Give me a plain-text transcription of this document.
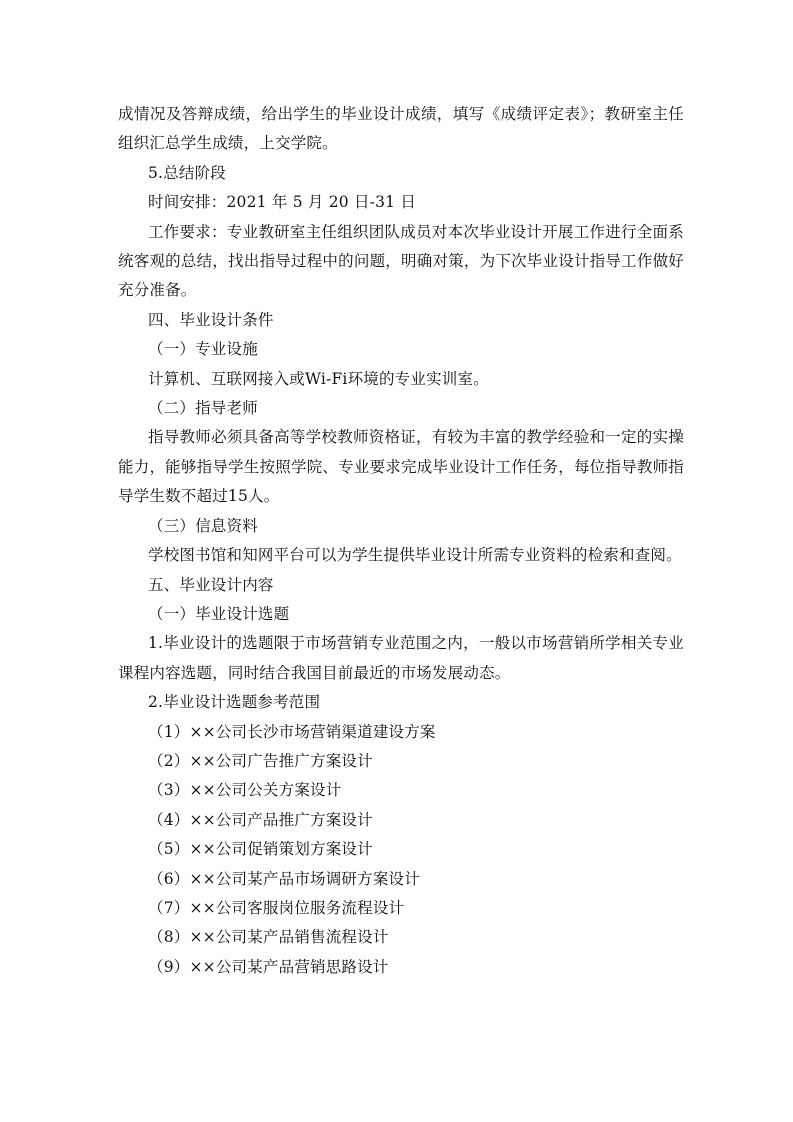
成情况及答辩成绩，给出学生的毕业设计成绩，填写《成绩评定表》；教研室主任组织汇总学生成绩，上交学院。

5.总结阶段

时间安排：2021 年 5 月 20 日-31 日

工作要求：专业教研室主任组织团队成员对本次毕业设计开展工作进行全面系统客观的总结，找出指导过程中的问题，明确对策，为下次毕业设计指导工作做好充分准备。

四、毕业设计条件

（一）专业设施

计算机、互联网接入或Wi-Fi环境的专业实训室。

（二）指导老师

指导教师必须具备高等学校教师资格证，有较为丰富的教学经验和一定的实操能力，能够指导学生按照学院、专业要求完成毕业设计工作任务，每位指导教师指导学生数不超过15人。

（三）信息资料

学校图书馆和知网平台可以为学生提供毕业设计所需专业资料的检索和查阅。

五、毕业设计内容

（一）毕业设计选题

1.毕业设计的选题限于市场营销专业范围之内，一般以市场营销所学相关专业课程内容选题，同时结合我国目前最近的市场发展动态。

2.毕业设计选题参考范围

（1）××公司长沙市场营销渠道建设方案

（2）××公司广告推广方案设计

（3）××公司公关方案设计

（4）××公司产品推广方案设计

（5）××公司促销策划方案设计

（6）××公司某产品市场调研方案设计

（7）××公司客服岗位服务流程设计

（8）××公司某产品销售流程设计

（9）××公司某产品营销思路设计
